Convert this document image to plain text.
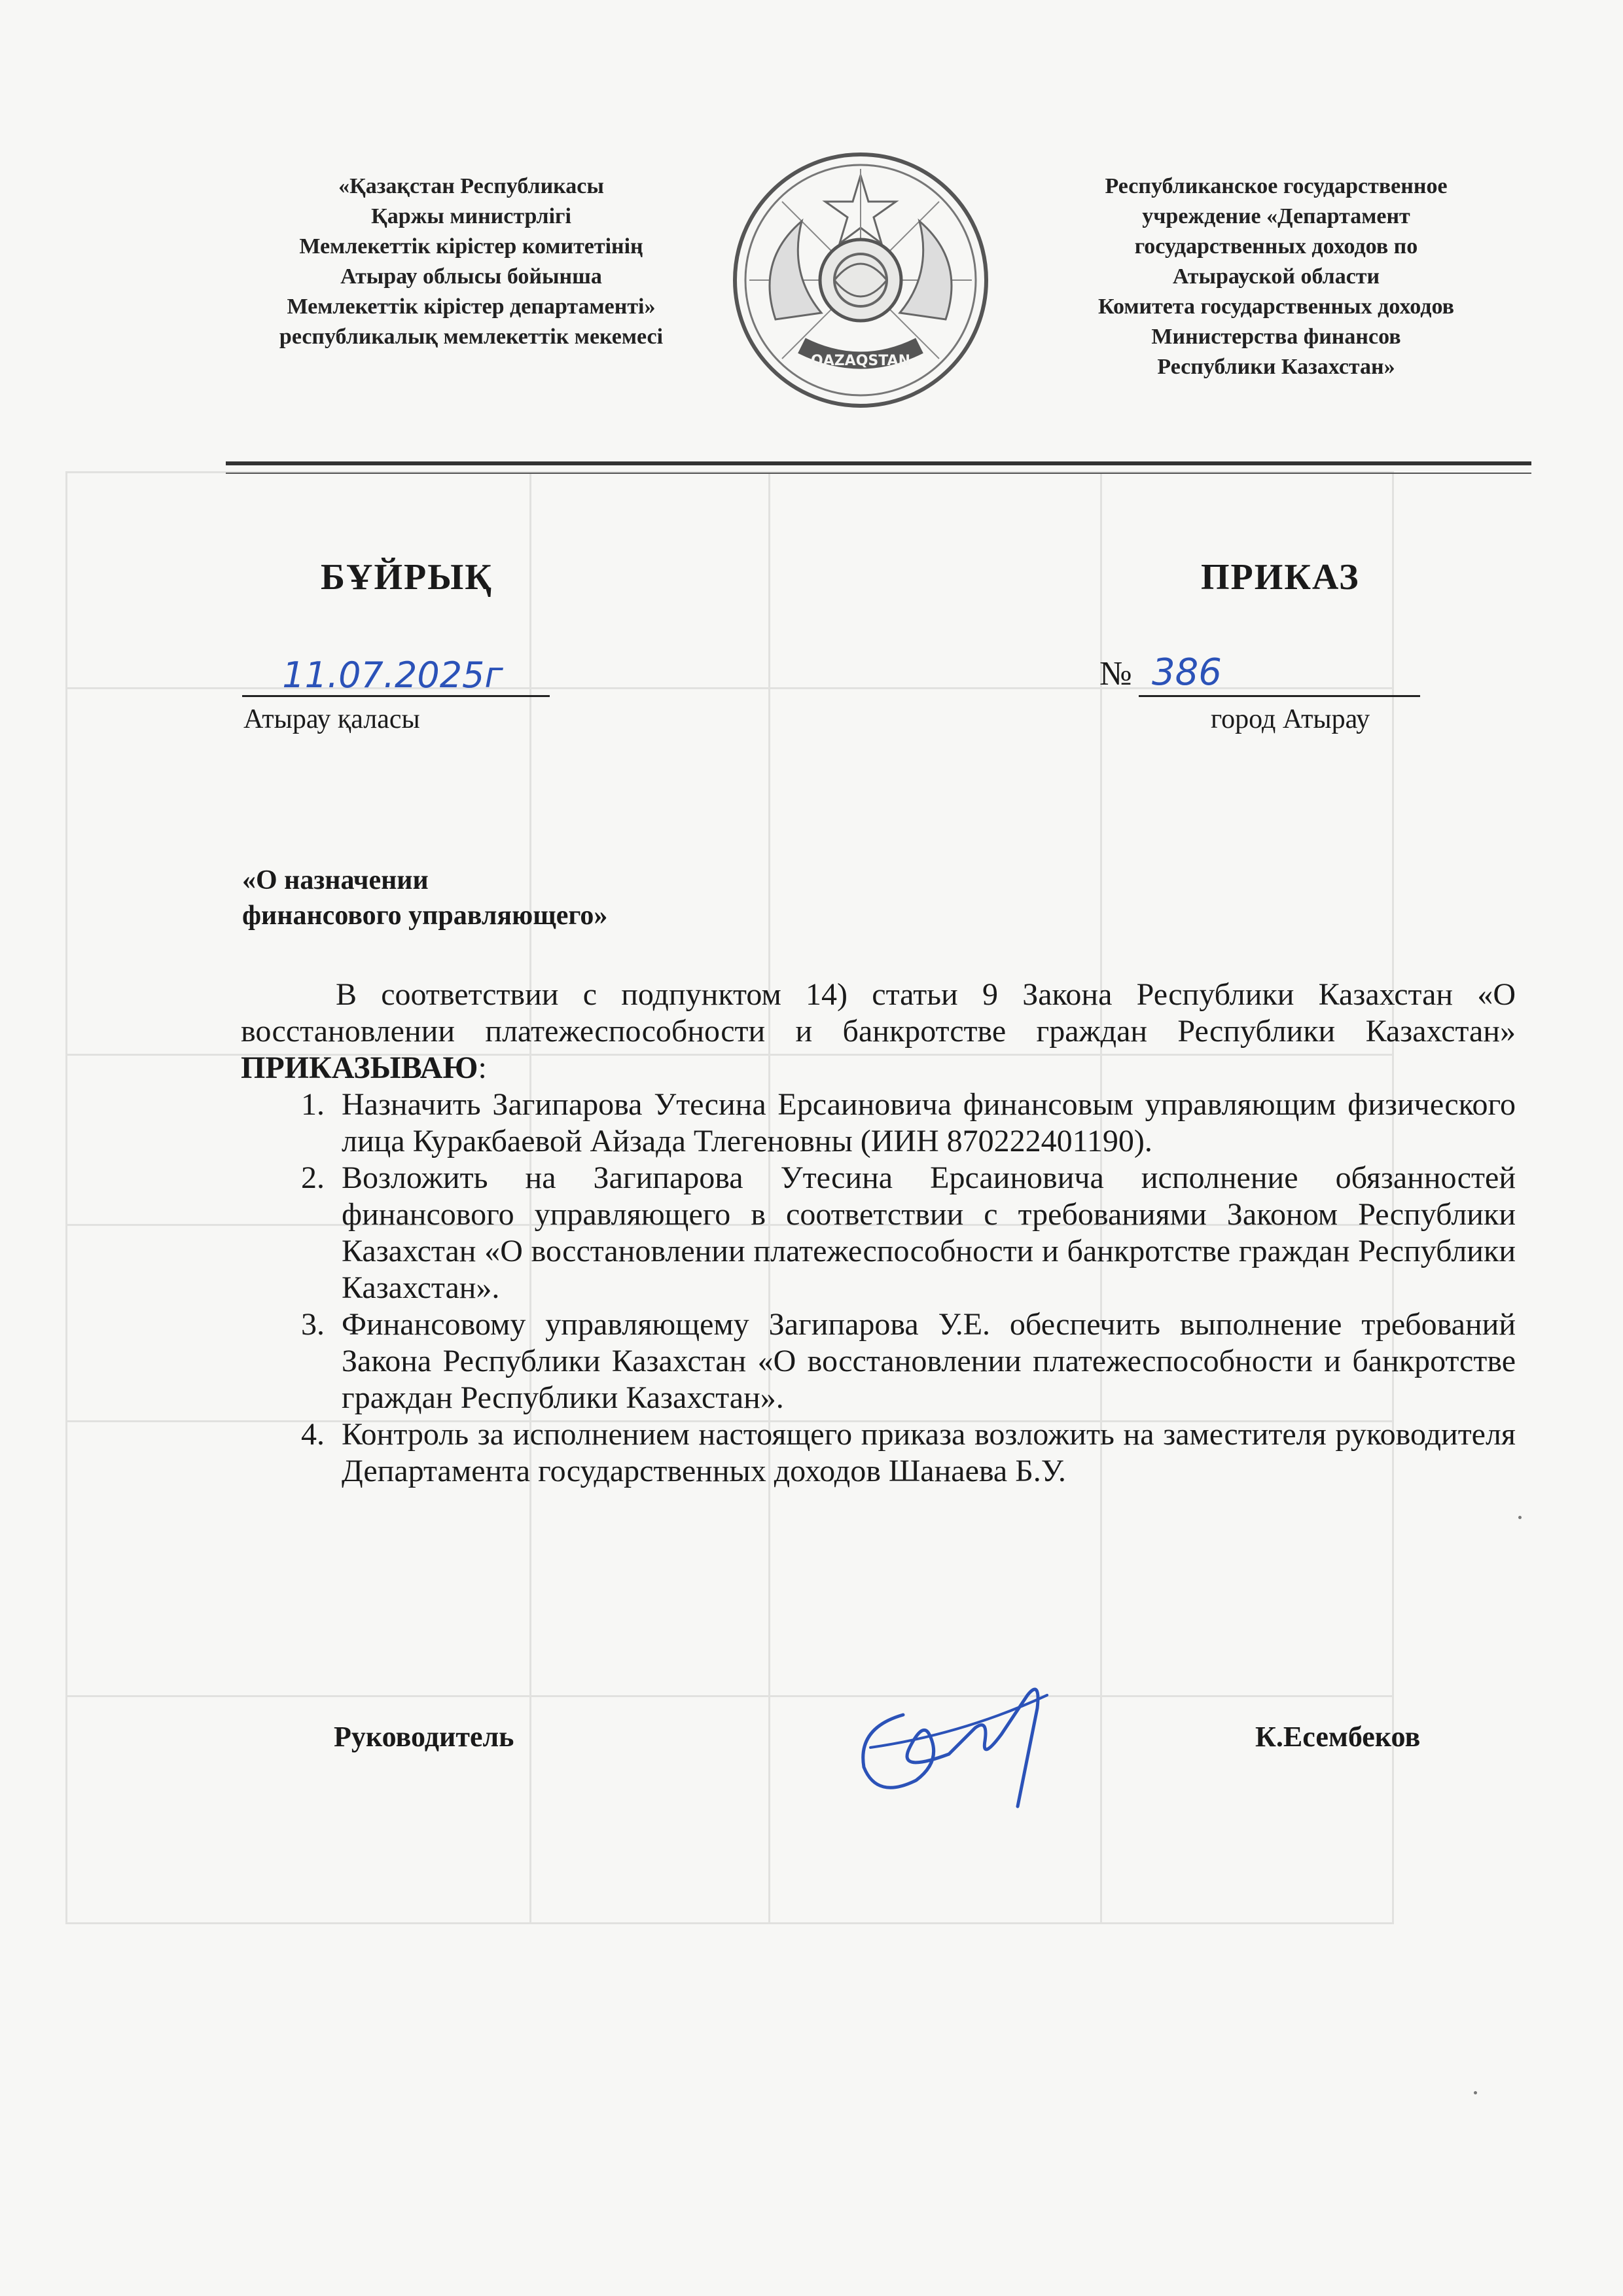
«Қазақстан Республикасы
Қаржы министрлігі
Мемлекеттік кірістер комитетінің
Атырау облысы бойынша
Мемлекеттік кірістер департаменті»
республикалық мемлекеттік мекемесі
QAZAQSTAN
Республиканское государственное
учреждение «Департамент
государственных доходов по
Атырауской области
Комитета государственных доходов
Министерства финансов
Республики Казахстан»
БҰЙРЫҚ	ПРИКАЗ
11.07.2025г
Атырау қаласы
№ 386
город Атырау
«О назначении
финансового управляющего»

В соответствии с подпунктом 14) статьи 9 Закона Республики Казахстан «О восстановлении платежеспособности и банкротстве граждан Республики Казахстан» ПРИКАЗЫВАЮ:

1. Назначить Загипарова Утесина Ерсаиновича финансовым управляющим физического лица Куракбаевой Айзада Тлегеновны (ИИН 870222401190).
2. Возложить на Загипарова Утесина Ерсаиновича исполнение обязанностей финансового управляющего в соответствии с требованиями Законом Республики Казахстан «О восстановлении платежеспособности и банкротстве граждан Республики Казахстан».
3. Финансовому управляющему Загипарова У.Е. обеспечить выполнение требований Закона Республики Казахстан «О восстановлении платежеспособности и банкротстве граждан Республики Казахстан».
4. Контроль за исполнением настоящего приказа возложить на заместителя руководителя Департамента государственных доходов Шанаева Б.У.
Руководитель	К.Есембеков
